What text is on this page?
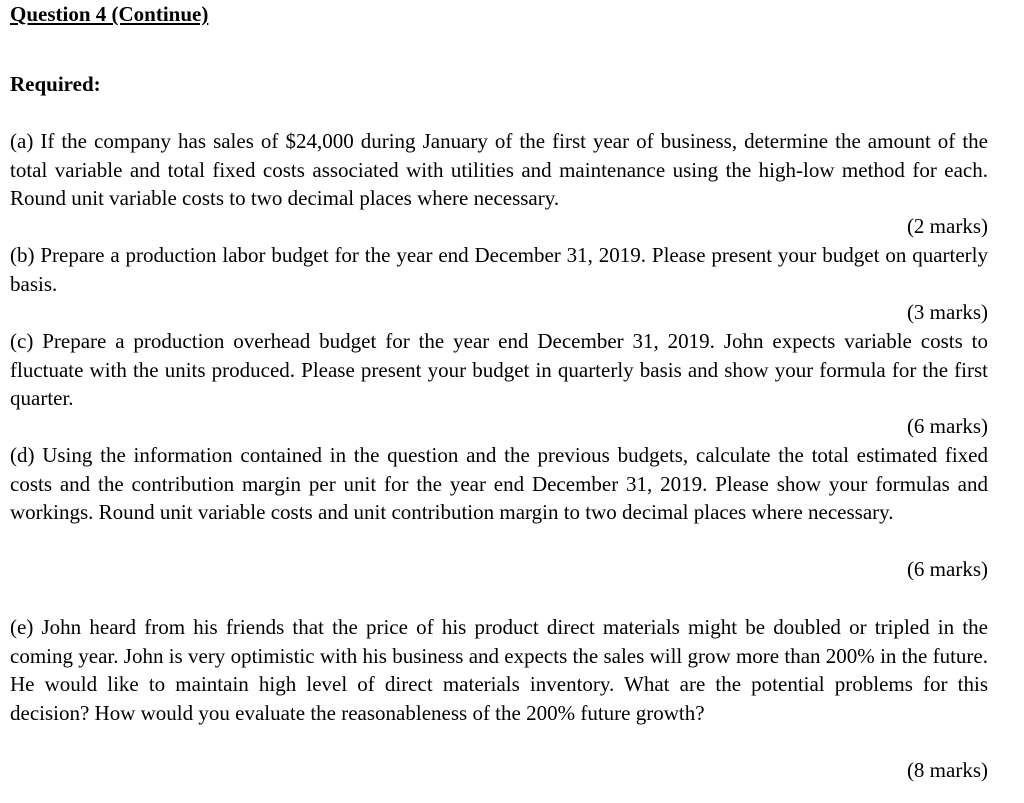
Question 4 (Continue)

Required:

(a) If the company has sales of $24,000 during January of the first year of business, determine the amount of the total variable and total fixed costs associated with utilities and maintenance using the high-low method for each. Round unit variable costs to two decimal places where necessary.

(2 marks)

(b) Prepare a production labor budget for the year end December 31, 2019. Please present your budget on quarterly basis.

(3 marks)

(c) Prepare a production overhead budget for the year end December 31, 2019. John expects variable costs to fluctuate with the units produced. Please present your budget in quarterly basis and show your formula for the first quarter.

(6 marks)

(d) Using the information contained in the question and the previous budgets, calculate the total estimated fixed costs and the contribution margin per unit for the year end December 31, 2019. Please show your formulas and workings. Round unit variable costs and unit contribution margin to two decimal places where necessary.

(6 marks)

(e) John heard from his friends that the price of his product direct materials might be doubled or tripled in the coming year. John is very optimistic with his business and expects the sales will grow more than 200% in the future. He would like to maintain high level of direct materials inventory. What are the potential problems for this decision? How would you evaluate the reasonableness of the 200% future growth?

(8 marks)
